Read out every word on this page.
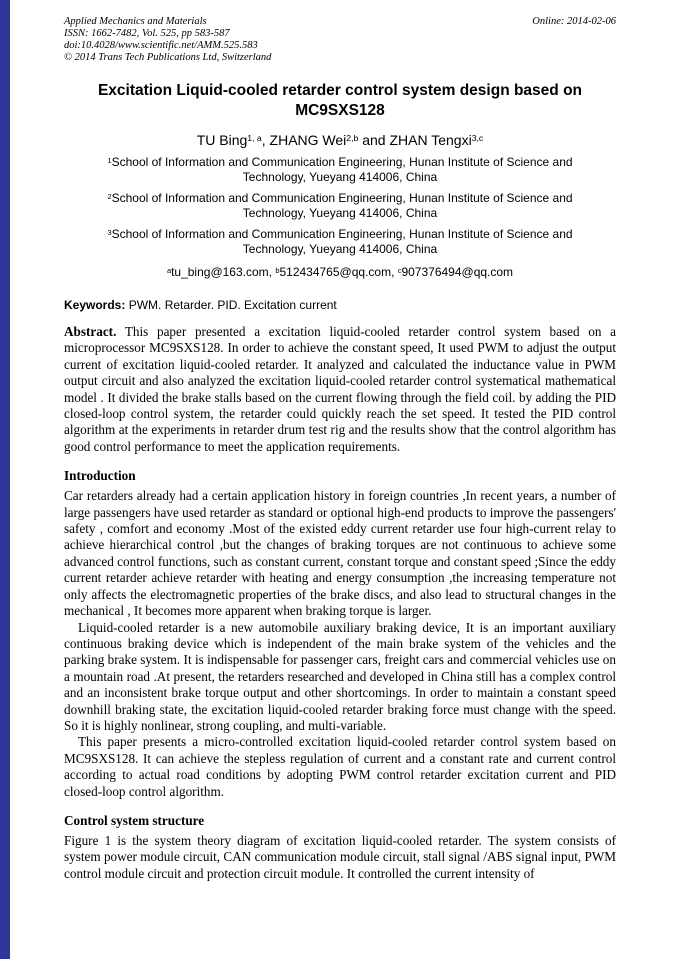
Applied Mechanics and Materials
ISSN: 1662-7482, Vol. 525, pp 583-587
doi:10.4028/www.scientific.net/AMM.525.583
© 2014 Trans Tech Publications Ltd, Switzerland
Online: 2014-02-06
Excitation Liquid-cooled retarder control system design based on MC9SXS128
TU Bing$^{1, a}$, ZHANG Wei$^{2,b}$ and ZHAN Tengxi$^{3,c}$
$^1$School of Information and Communication Engineering, Hunan Institute of Science and Technology, Yueyang 414006, China
$^2$School of Information and Communication Engineering, Hunan Institute of Science and Technology, Yueyang 414006, China
$^3$School of Information and Communication Engineering, Hunan Institute of Science and Technology, Yueyang 414006, China
$^a$tu_bing@163.com, $^b$512434765@qq.com, $^c$907376494@qq.com
Keywords: PWM. Retarder. PID. Excitation current

Abstract. This paper presented a excitation liquid-cooled retarder control system based on a microprocessor MC9SXS128. In order to achieve the constant speed, It used PWM to adjust the output current of excitation liquid-cooled retarder. It analyzed and calculated the inductance value in PWM output circuit and also analyzed the excitation liquid-cooled retarder control systematical mathematical model . It divided the brake stalls based on the current flowing through the field coil. by adding the PID closed-loop control system, the retarder could quickly reach the set speed. It tested the PID control algorithm at the experiments in retarder drum test rig and the results show that the control algorithm has good control performance to meet the application requirements.

Introduction

Car retarders already had a certain application history in foreign countries ,In recent years, a number of large passengers have used retarder as standard or optional high-end products to improve the passengers' safety , comfort and economy .Most of the existed eddy current retarder use four high-current relay to achieve hierarchical control ,but the changes of braking torques are not continuous to achieve some advanced control functions, such as constant current, constant torque and constant speed ;Since the eddy current retarder achieve retarder with heating and energy consumption ,the increasing temperature not only affects the electromagnetic properties of the brake discs, and also lead to structural changes in the mechanical , It becomes more apparent when braking torque is larger.

Liquid-cooled retarder is a new automobile auxiliary braking device, It is an important auxiliary continuous braking device which is independent of the main brake system of the vehicles and the parking brake system. It is indispensable for passenger cars, freight cars and commercial vehicles use on a mountain road .At present, the retarders researched and developed in China still has a complex control and an inconsistent brake torque output and other shortcomings. In order to maintain a constant speed downhill braking state, the excitation liquid-cooled retarder braking force must change with the speed. So it is highly nonlinear, strong coupling, and multi-variable.

This paper presents a micro-controlled excitation liquid-cooled retarder control system based on MC9SXS128. It can achieve the stepless regulation of current and a constant rate and current control according to actual road conditions by adopting PWM control retarder excitation current and PID closed-loop control algorithm.

Control system structure

Figure 1 is the system theory diagram of excitation liquid-cooled retarder. The system consists of system power module circuit, CAN communication module circuit, stall signal /ABS signal input, PWM control module circuit and protection circuit module. It controlled the current intensity of
